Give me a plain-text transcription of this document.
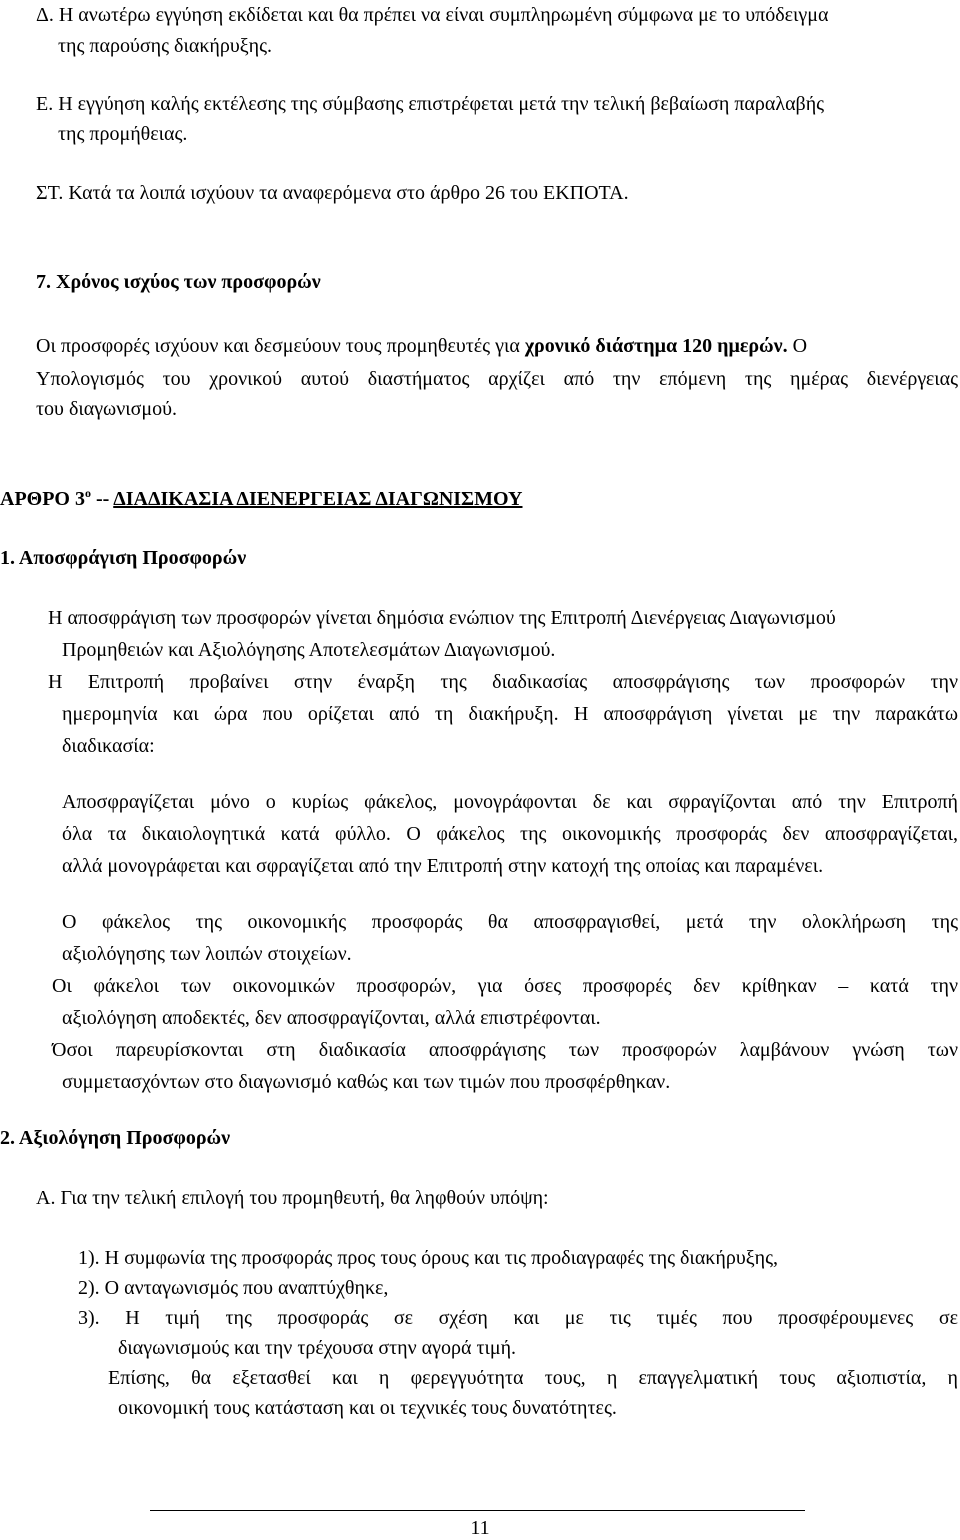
Δ. Η ανωτέρω εγγύηση εκδίδεται και θα πρέπει να είναι συμπληρωμένη σύμφωνα με το υπόδειγμα
της παρούσης διακήρυξης.
Ε. Η εγγύηση καλής εκτέλεσης της σύμβασης επιστρέφεται μετά την τελική βεβαίωση παραλαβής
της προμήθειας.
ΣΤ. Κατά τα λοιπά ισχύουν τα αναφερόμενα στο άρθρο 26 του ΕΚΠΟΤΑ.
7. Χρόνος ισχύος των προσφορών
Οι προσφορές ισχύουν και δεσμεύουν τους προμηθευτές για χρονικό διάστημα 120 ημερών. Ο
Υπολογισμός του χρονικού αυτού διαστήματος αρχίζει από την επόμενη της ημέρας διενέργειας
του διαγωνισμού.
ΑΡΘΡΟ $3^o$ -- ΔΙΑΔΙΚΑΣΙΑ ΔΙΕΝΕΡΓΕΙΑΣ ΔΙΑΓΩΝΙΣΜΟΥ
1. Αποσφράγιση Προσφορών
Η αποσφράγιση των προσφορών γίνεται δημόσια ενώπιον της Επιτροπή Διενέργειας Διαγωνισμού
Προμηθειών και Αξιολόγησης Αποτελεσμάτων Διαγωνισμού.
Η Επιτροπή προβαίνει στην έναρξη της διαδικασίας αποσφράγισης των προσφορών την
ημερομηνία και ώρα που ορίζεται από τη διακήρυξη. Η αποσφράγιση γίνεται με την παρακάτω
διαδικασία:
Αποσφραγίζεται μόνο ο κυρίως φάκελος, μονογράφονται δε και σφραγίζονται από την Επιτροπή
όλα τα δικαιολογητικά κατά φύλλο. Ο φάκελος της οικονομικής προσφοράς δεν αποσφραγίζεται,
αλλά μονογράφεται και σφραγίζεται από την Επιτροπή στην κατοχή της οποίας και παραμένει.
Ο φάκελος της οικονομικής προσφοράς θα αποσφραγισθεί, μετά την ολοκλήρωση της
αξιολόγησης των λοιπών στοιχείων.
Οι φάκελοι των οικονομικών προσφορών, για όσες προσφορές δεν κρίθηκαν – κατά την
αξιολόγηση αποδεκτές, δεν αποσφραγίζονται, αλλά επιστρέφονται.
Όσοι παρευρίσκονται στη διαδικασία αποσφράγισης των προσφορών λαμβάνουν γνώση των
συμμετασχόντων στο διαγωνισμό καθώς και των τιμών που προσφέρθηκαν.
2. Αξιολόγηση Προσφορών
Α. Για την τελική επιλογή του προμηθευτή, θα ληφθούν υπόψη:
1). Η συμφωνία της προσφοράς προς τους όρους και τις προδιαγραφές της διακήρυξης,
2). Ο ανταγωνισμός που αναπτύχθηκε,
3). Η τιμή της προσφοράς σε σχέση και με τις τιμές που προσφέρουμενες σε
διαγωνισμούς και την τρέχουσα στην αγορά τιμή.
Επίσης, θα εξετασθεί και η φερεγγυότητα τους, η επαγγελματική τους αξιοπιστία, η
οικονομική τους κατάσταση και οι τεχνικές τους δυνατότητες.
11
